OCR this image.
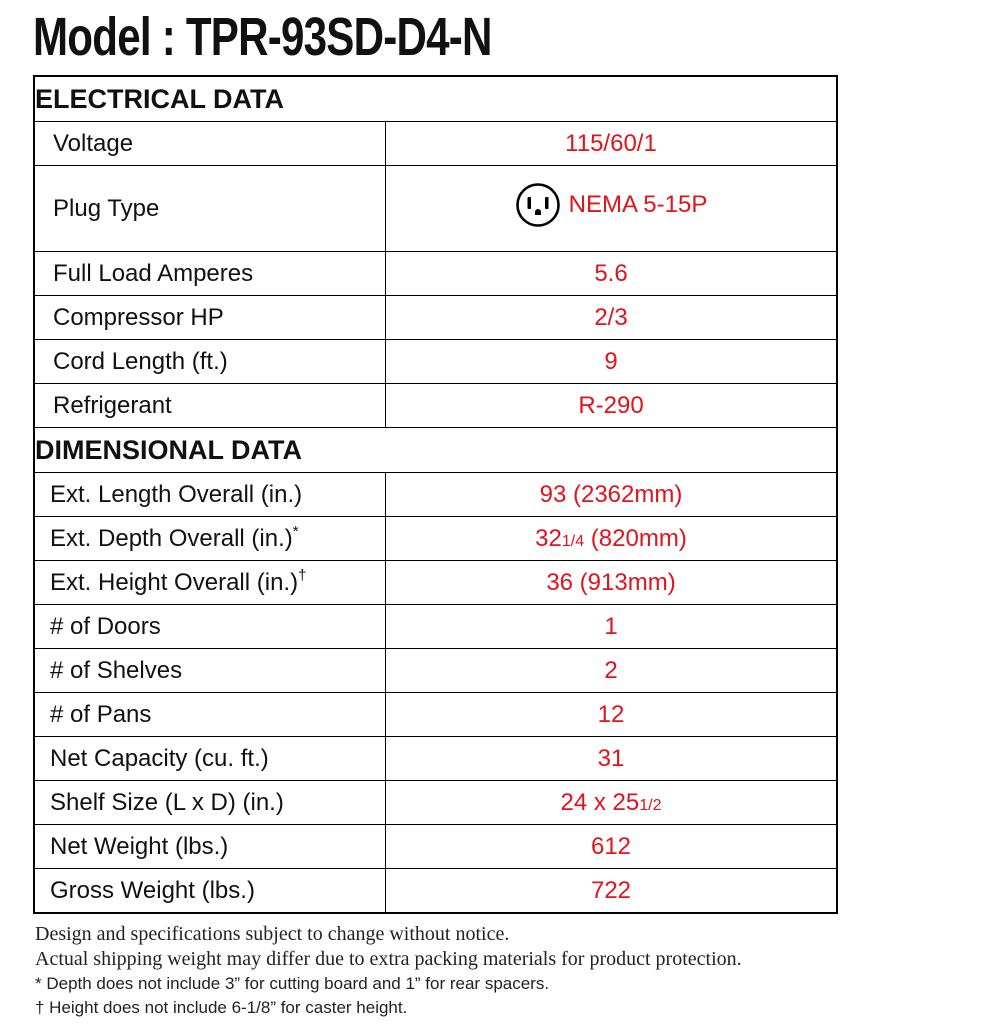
Model : TPR-93SD-D4-N
ELECTRICAL DATA	
Voltage	115/60/1
Plug Type	NEMA 5-15P

Full Load Amperes	5.6
Compressor HP	2/3
Cord Length (ft.)	9
Refrigerant	R-290
DIMENSIONAL DATA	
Ext. Length Overall (in.)	93 (2362mm)
Ext. Depth Overall (in.)*	321/4 (820mm)
Ext. Height Overall (in.)†	36 (913mm)
# of Doors	1
# of Shelves	2
# of Pans	12
Net Capacity (cu. ft.)	31
Shelf Size (L x D) (in.)	24 x 251/2
Net Weight (lbs.)	612
Gross Weight (lbs.)	722
Design and specifications subject to change without notice.
Actual shipping weight may differ due to extra packing materials for product protection.
* Depth does not include 3” for cutting board and 1” for rear spacers.
† Height does not include 6-1/8” for caster height.
